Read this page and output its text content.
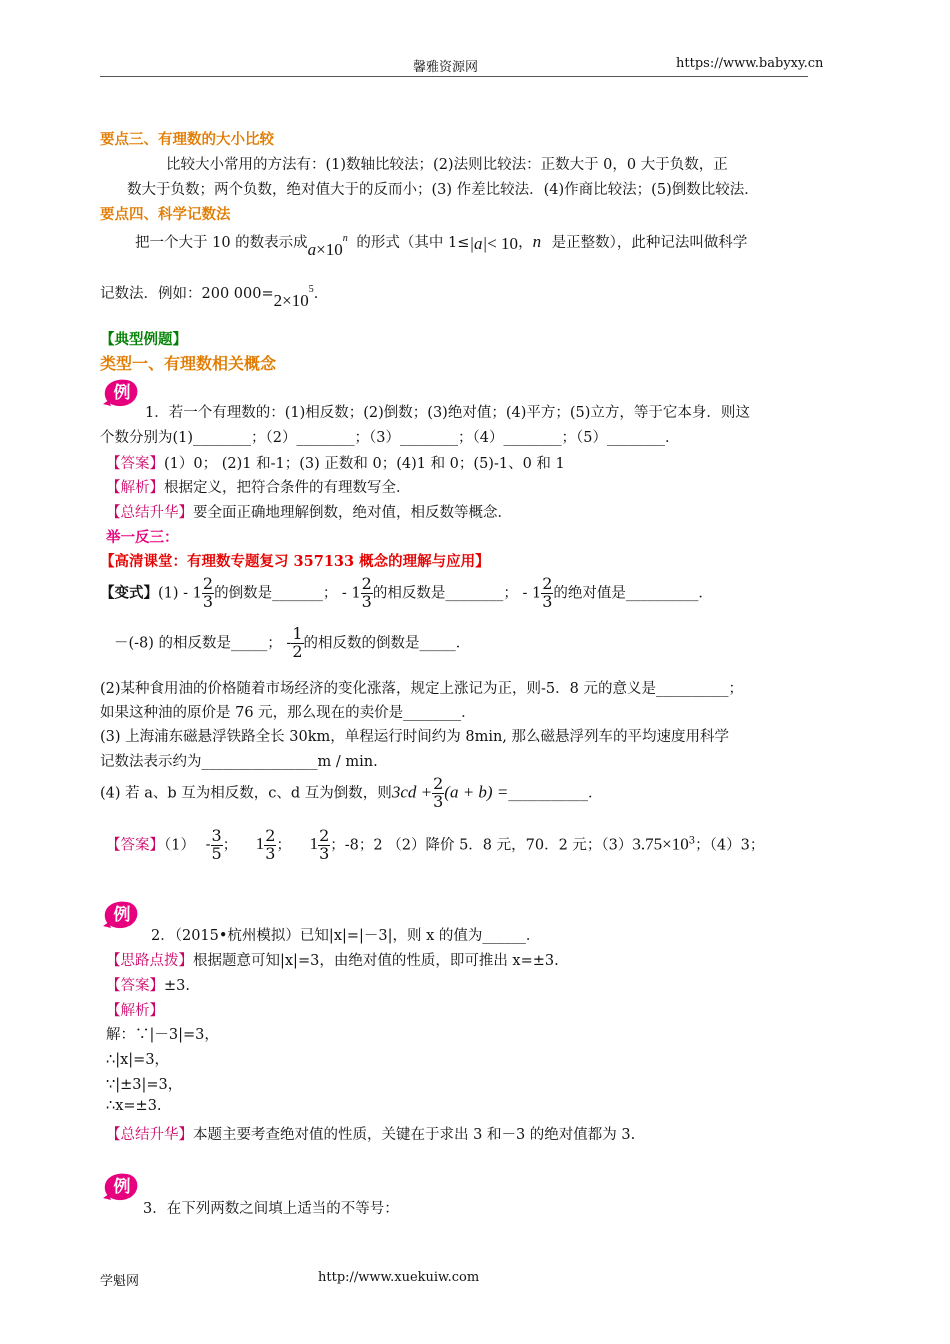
馨雅资源网	https://www.babyxy.cn
要点三、有理数的大小比较
比较大小常用的方法有：(1)数轴比较法；(2)法则比较法：正数大于 0，0 大于负数，正
数大于负数；两个负数，绝对值大于的反而小；(3) 作差比较法．(4)作商比较法；(5)倒数比较法．
要点四、科学记数法
把一个大于 10 的数表示成$a\times 10^n$ 的形式（其中 1≤|a|< 10，n 是正整数），此种记法叫做科学
记数法．例如：200 $000=2\times 10^5$．
【典型例题】
类型一、有理数相关概念
例
1．若一个有理数的：(1)相反数；(2)倒数；(3)绝对值；(4)平方；(5)立方，等于它本身．则这
个数分别为(1)________；（2）________；（3）________；（4）________；（5）________．
【答案】(1）0； (2)1 和-1；(3) 正数和 0；(4)1 和 0；(5)-1、0 和 1
【解析】根据定义，把符合条件的有理数写全．
【总结升华】要全面正确地理解倒数，绝对值，相反数等概念．
举一反三：
【高清课堂：有理数专题复习 357133 概念的理解与应用】
【变式】$(1) - 1 \frac{2}{3}$ 的倒数是_______； - $1 \frac{2}{3}$ 的相反数是________； - $1 \frac{2}{3}$ 的绝对值是__________．
－(-8) 的相反数是_____； - $\frac{1}{2}$ 的相反数的倒数是_____．
(2)某种食用油的价格随着市场经济的变化涨落，规定上涨记为正，则-5．8 元的意义是__________；
如果这种油的原价是 76 元，那么现在的卖价是________．
(3) 上海浦东磁悬浮铁路全长 30km，单程运行时间约为 8min, 那么磁悬浮列车的平均速度用科学
记数法表示约为________________m / min.
(4) 若 a、b 互为相反数，c、d 互为倒数，则$3cd + \frac{2}{3} (a + b)$ =___________．
【答案】$(1) - \frac{3}{5}$ ； $1 \frac{2}{3}$ ； $1 \frac{2}{3}$ ；-8；2 （2）降价 5．8 元，70．2 元；$(3)3.75\times 10^3$；（4）3；
例
2．（2015•杭州模拟）已知|x|=|－3|，则 x 的值为______．
【思路点拨】根据题意可知|x|=3，由绝对值的性质，即可推出 x=±3.
【答案】±3.
【解析】
解：∵|－3|=3，
∴|x|=3，
∵|±3|=3，
∴x=±3.
【总结升华】本题主要考查绝对值的性质，关键在于求出 3 和－3 的绝对值都为 3.
例
3．在下列两数之间填上适当的不等号：
学魁网	http://www.xuekuiw.com
